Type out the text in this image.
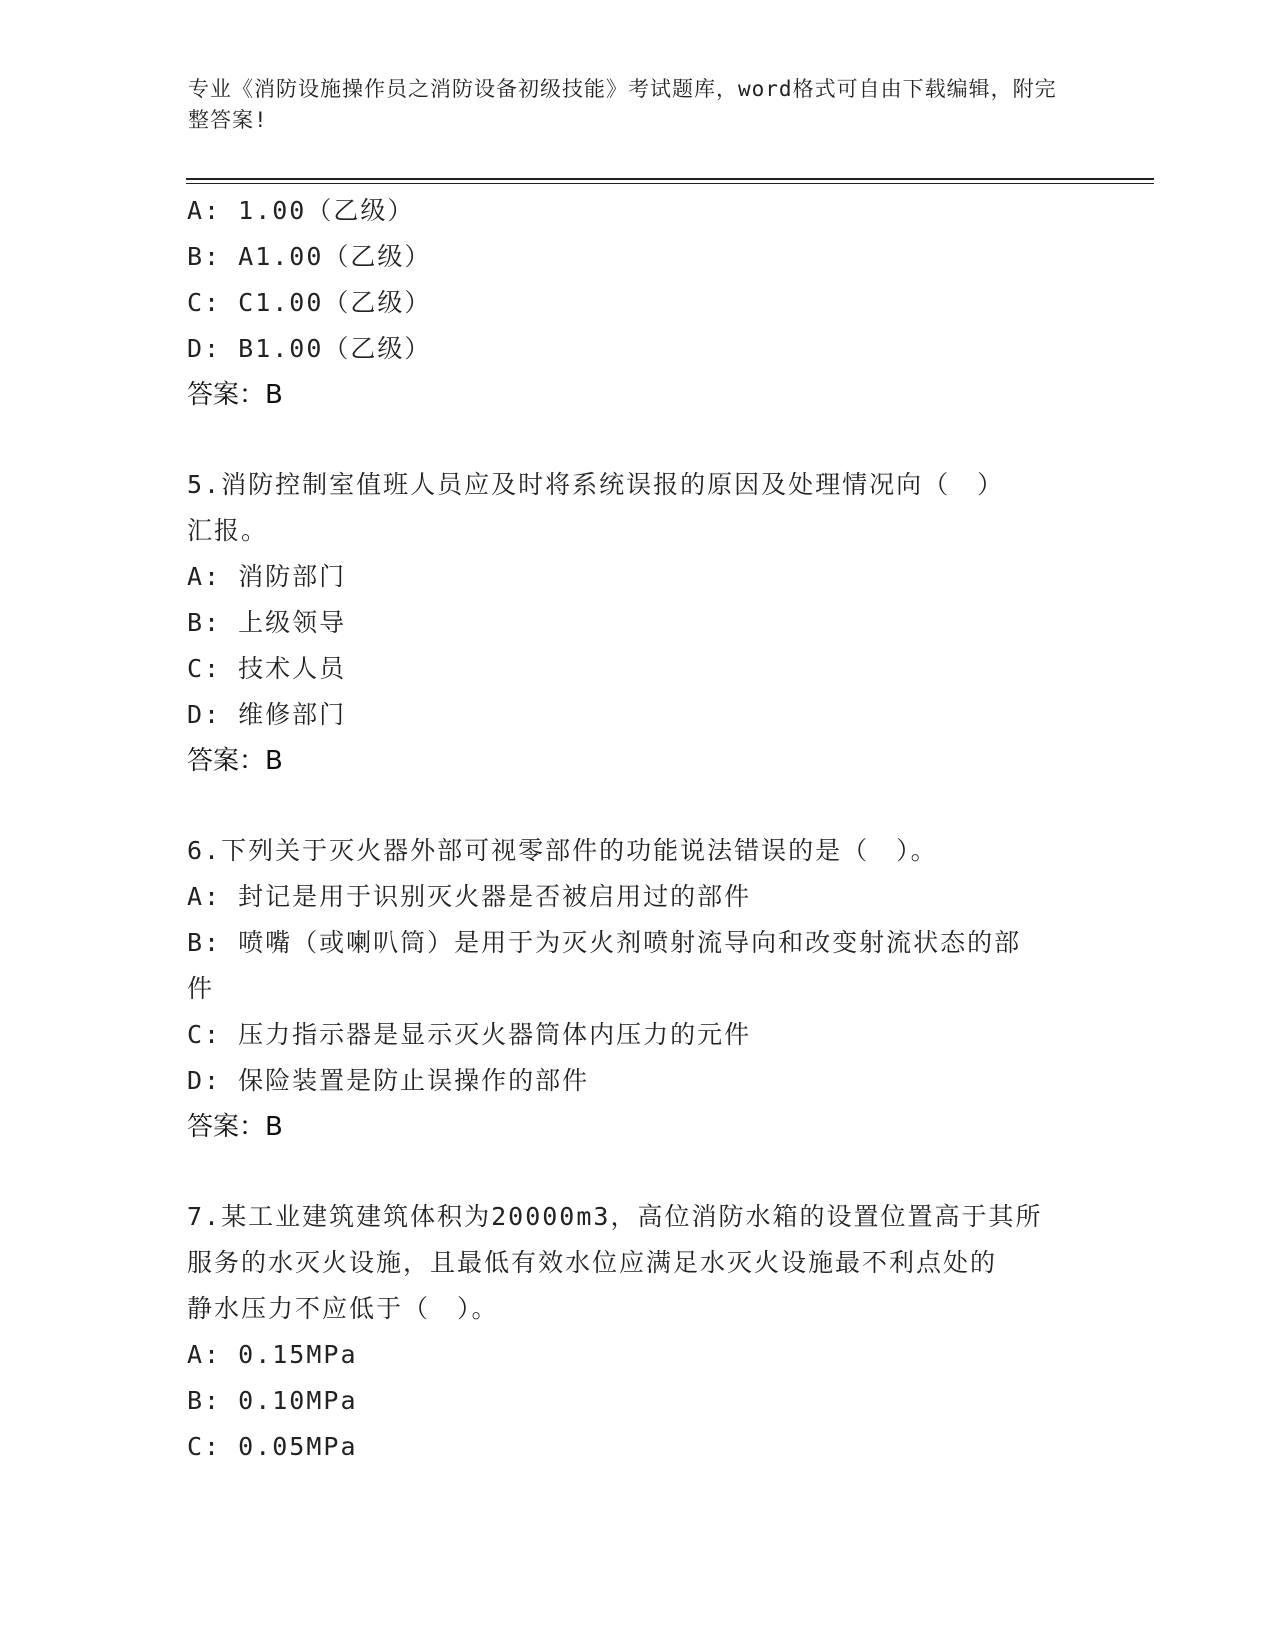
专业《消防设施操作员之消防设备初级技能》考试题库，word格式可自由下载编辑，附完整答案!
A: 1.00（乙级）
B: A1.00（乙级）
C: C1.00（乙级）
D: B1.00（乙级）
答案：B
5.消防控制室值班人员应及时将系统误报的原因及处理情况向（　）
汇报。
A: 消防部门
B: 上级领导
C: 技术人员
D: 维修部门
答案：B
6.下列关于灭火器外部可视零部件的功能说法错误的是（　）。
A: 封记是用于识别灭火器是否被启用过的部件
B: 喷嘴（或喇叭筒）是用于为灭火剂喷射流导向和改变射流状态的部
件
C: 压力指示器是显示灭火器筒体内压力的元件
D: 保险装置是防止误操作的部件
答案：B
7.某工业建筑建筑体积为20000m3，高位消防水箱的设置位置高于其所
服务的水灭火设施，且最低有效水位应满足水灭火设施最不利点处的
静水压力不应低于（　）。
A: 0.15MPa
B: 0.10MPa
C: 0.05MPa
